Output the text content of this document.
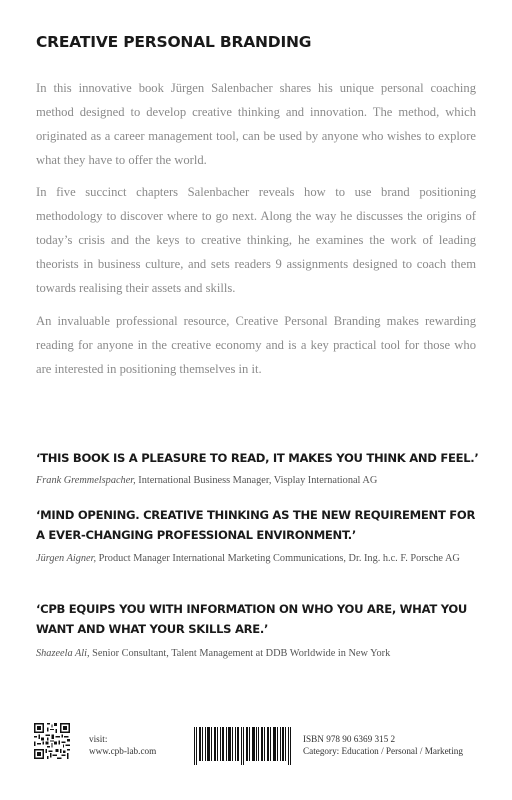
CREATIVE PERSONAL BRANDING

In this innovative book Jürgen Salenbacher shares his unique personal coaching method designed to develop creative thinking and innovation. The method, which originated as a career management tool, can be used by anyone who wishes to explore what they have to offer the world.

In five succinct chapters Salenbacher reveals how to use brand positioning methodology to discover where to go next. Along the way he discusses the origins of today’s crisis and the keys to creative thinking, he examines the work of leading theorists in business culture, and sets readers 9 assignments designed to coach them towards realising their assets and skills.

An invaluable professional resource, Creative Personal Branding makes rewarding reading for anyone in the creative economy and is a key practical tool for those who are interested in positioning themselves in it.

‘THIS BOOK IS A PLEASURE TO READ, IT MAKES YOU THINK AND FEEL.’

Frank Gremmelspacher, International Business Manager, Visplay International AG

‘MIND OPENING. CREATIVE THINKING AS THE NEW REQUIREMENT FOR A EVER-CHANGING PROFESSIONAL ENVIRONMENT.’

Jürgen Aigner, Product Manager International Marketing Communications, Dr. Ing. h.c. F. Porsche AG

‘CPB EQUIPS YOU WITH INFORMATION ON WHO YOU ARE, WHAT YOU WANT AND WHAT YOUR SKILLS ARE.’

Shazeela Ali, Senior Consultant, Talent Management at DDB Worldwide in New York

visit:

www.cpb-lab.com

ISBN 978 90 6369 315 2

Category: Education / Personal / Marketing
